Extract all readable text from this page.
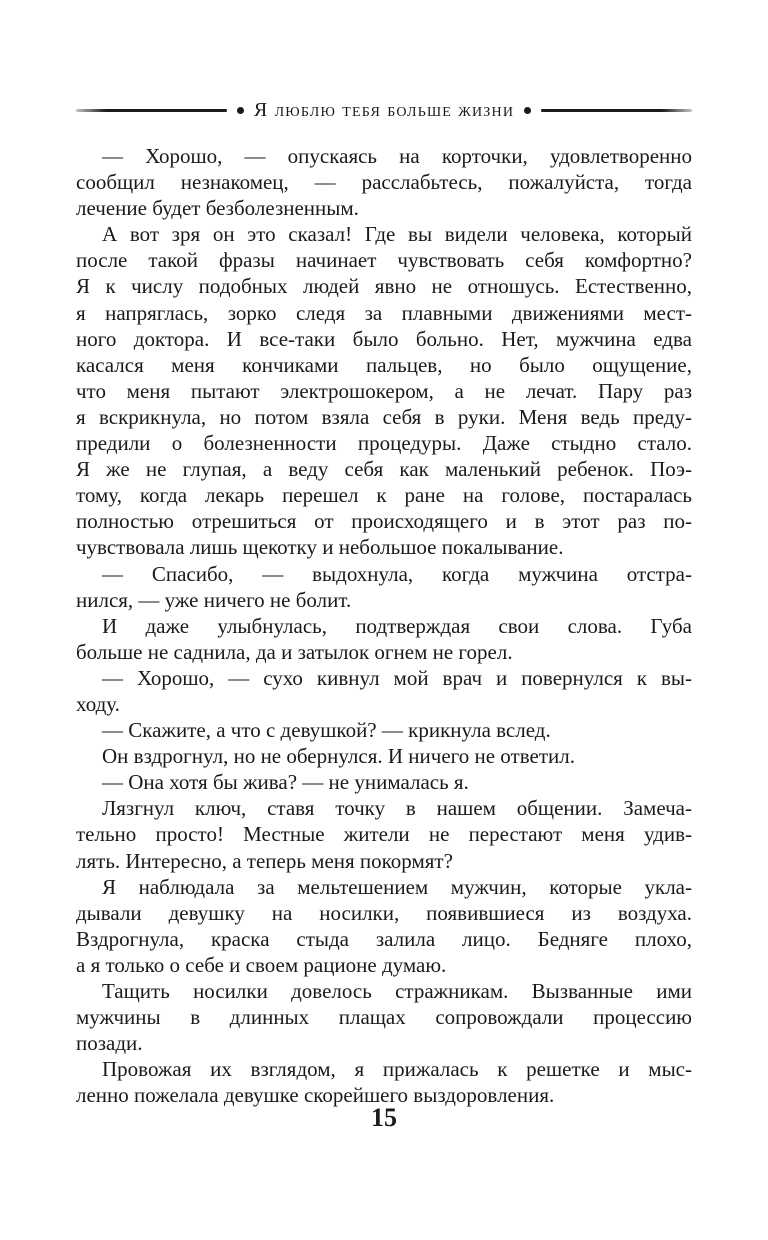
Я люблю тебя больше жизни
— Хорошо, — опускаясь на корточки, удовлетворенно
сообщил незнакомец, — расслабьтесь, пожалуйста, тогда
лечение будет безболезненным.
А вот зря он это сказал! Где вы видели человека, который
после такой фразы начинает чувствовать себя комфортно?
Я к числу подобных людей явно не отношусь. Естественно,
я напряглась, зорко следя за плавными движениями мест-
ного доктора. И все-таки было больно. Нет, мужчина едва
касался меня кончиками пальцев, но было ощущение,
что меня пытают электрошокером, а не лечат. Пару раз
я вскрикнула, но потом взяла себя в руки. Меня ведь преду-
предили о болезненности процедуры. Даже стыдно стало.
Я же не глупая, а веду себя как маленький ребенок. Поэ-
тому, когда лекарь перешел к ране на голове, постаралась
полностью отрешиться от происходящего и в этот раз по-
чувствовала лишь щекотку и небольшое покалывание.
— Спасибо, — выдохнула, когда мужчина отстра-
нился, — уже ничего не болит.
И даже улыбнулась, подтверждая свои слова. Губа
больше не саднила, да и затылок огнем не горел.
— Хорошо, — сухо кивнул мой врач и повернулся к вы-
ходу.
— Скажите, а что с девушкой? — крикнула вслед.
Он вздрогнул, но не обернулся. И ничего не ответил.
— Она хотя бы жива? — не унималась я.
Лязгнул ключ, ставя точку в нашем общении. Замеча-
тельно просто! Местные жители не перестают меня удив-
лять. Интересно, а теперь меня покормят?
Я наблюдала за мельтешением мужчин, которые укла-
дывали девушку на носилки, появившиеся из воздуха.
Вздрогнула, краска стыда залила лицо. Бедняге плохо,
а я только о себе и своем рационе думаю.
Тащить носилки довелось стражникам. Вызванные ими
мужчины в длинных плащах сопровождали процессию
позади.
Провожая их взглядом, я прижалась к решетке и мыс-
ленно пожелала девушке скорейшего выздоровления.
15
